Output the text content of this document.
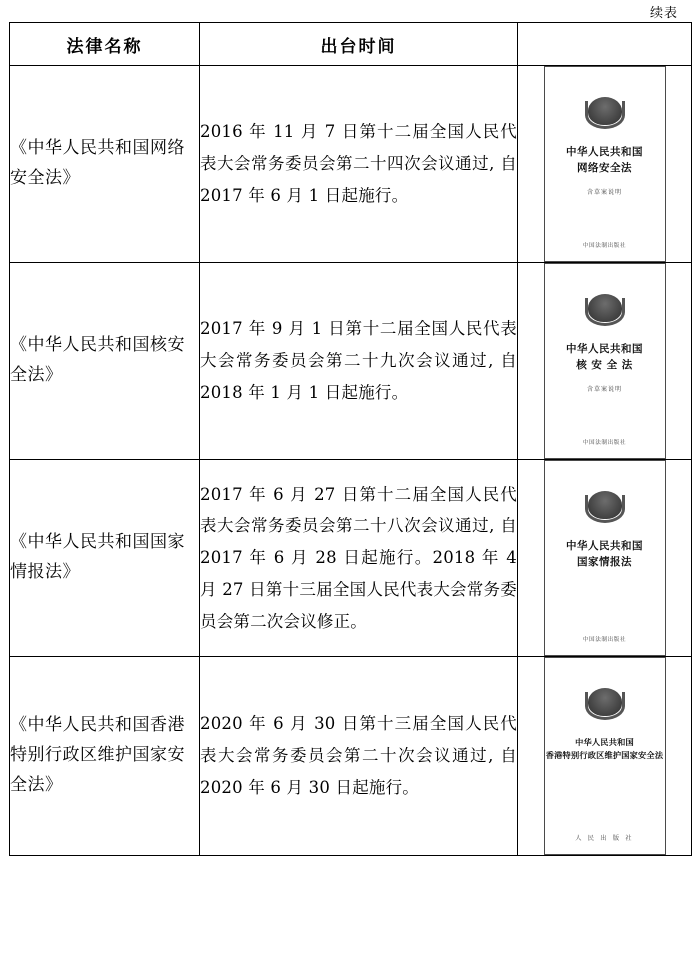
续表
法律名称	出台时间	
《中华人民共和国网络安全法》	2016 年 11 月 7 日第十二届全国人民代表大会常务委员会第二十四次会议通过, 自 2017 年 6 月 1 日起施行。	中华人民共和国
网络安全法
含草案说明
中国法制出版社

《中华人民共和国核安全法》	2017 年 9 月 1 日第十二届全国人民代表大会常务委员会第二十九次会议通过, 自 2018 年 1 月 1 日起施行。	中华人民共和国
核 安 全 法
含草案说明
中国法制出版社

《中华人民共和国国家情报法》	2017 年 6 月 27 日第十二届全国人民代表大会常务委员会第二十八次会议通过, 自 2017 年 6 月 28 日起施行。2018 年 4 月 27 日第十三届全国人民代表大会常务委员会第二次会议修正。	中华人民共和国
国家情报法
中国法制出版社

《中华人民共和国香港特别行政区维护国家安全法》	2020 年 6 月 30 日第十三届全国人民代表大会常务委员会第二十次会议通过, 自 2020 年 6 月 30 日起施行。	中华人民共和国
香港特别行政区维护国家安全法
人 民 出 版 社
